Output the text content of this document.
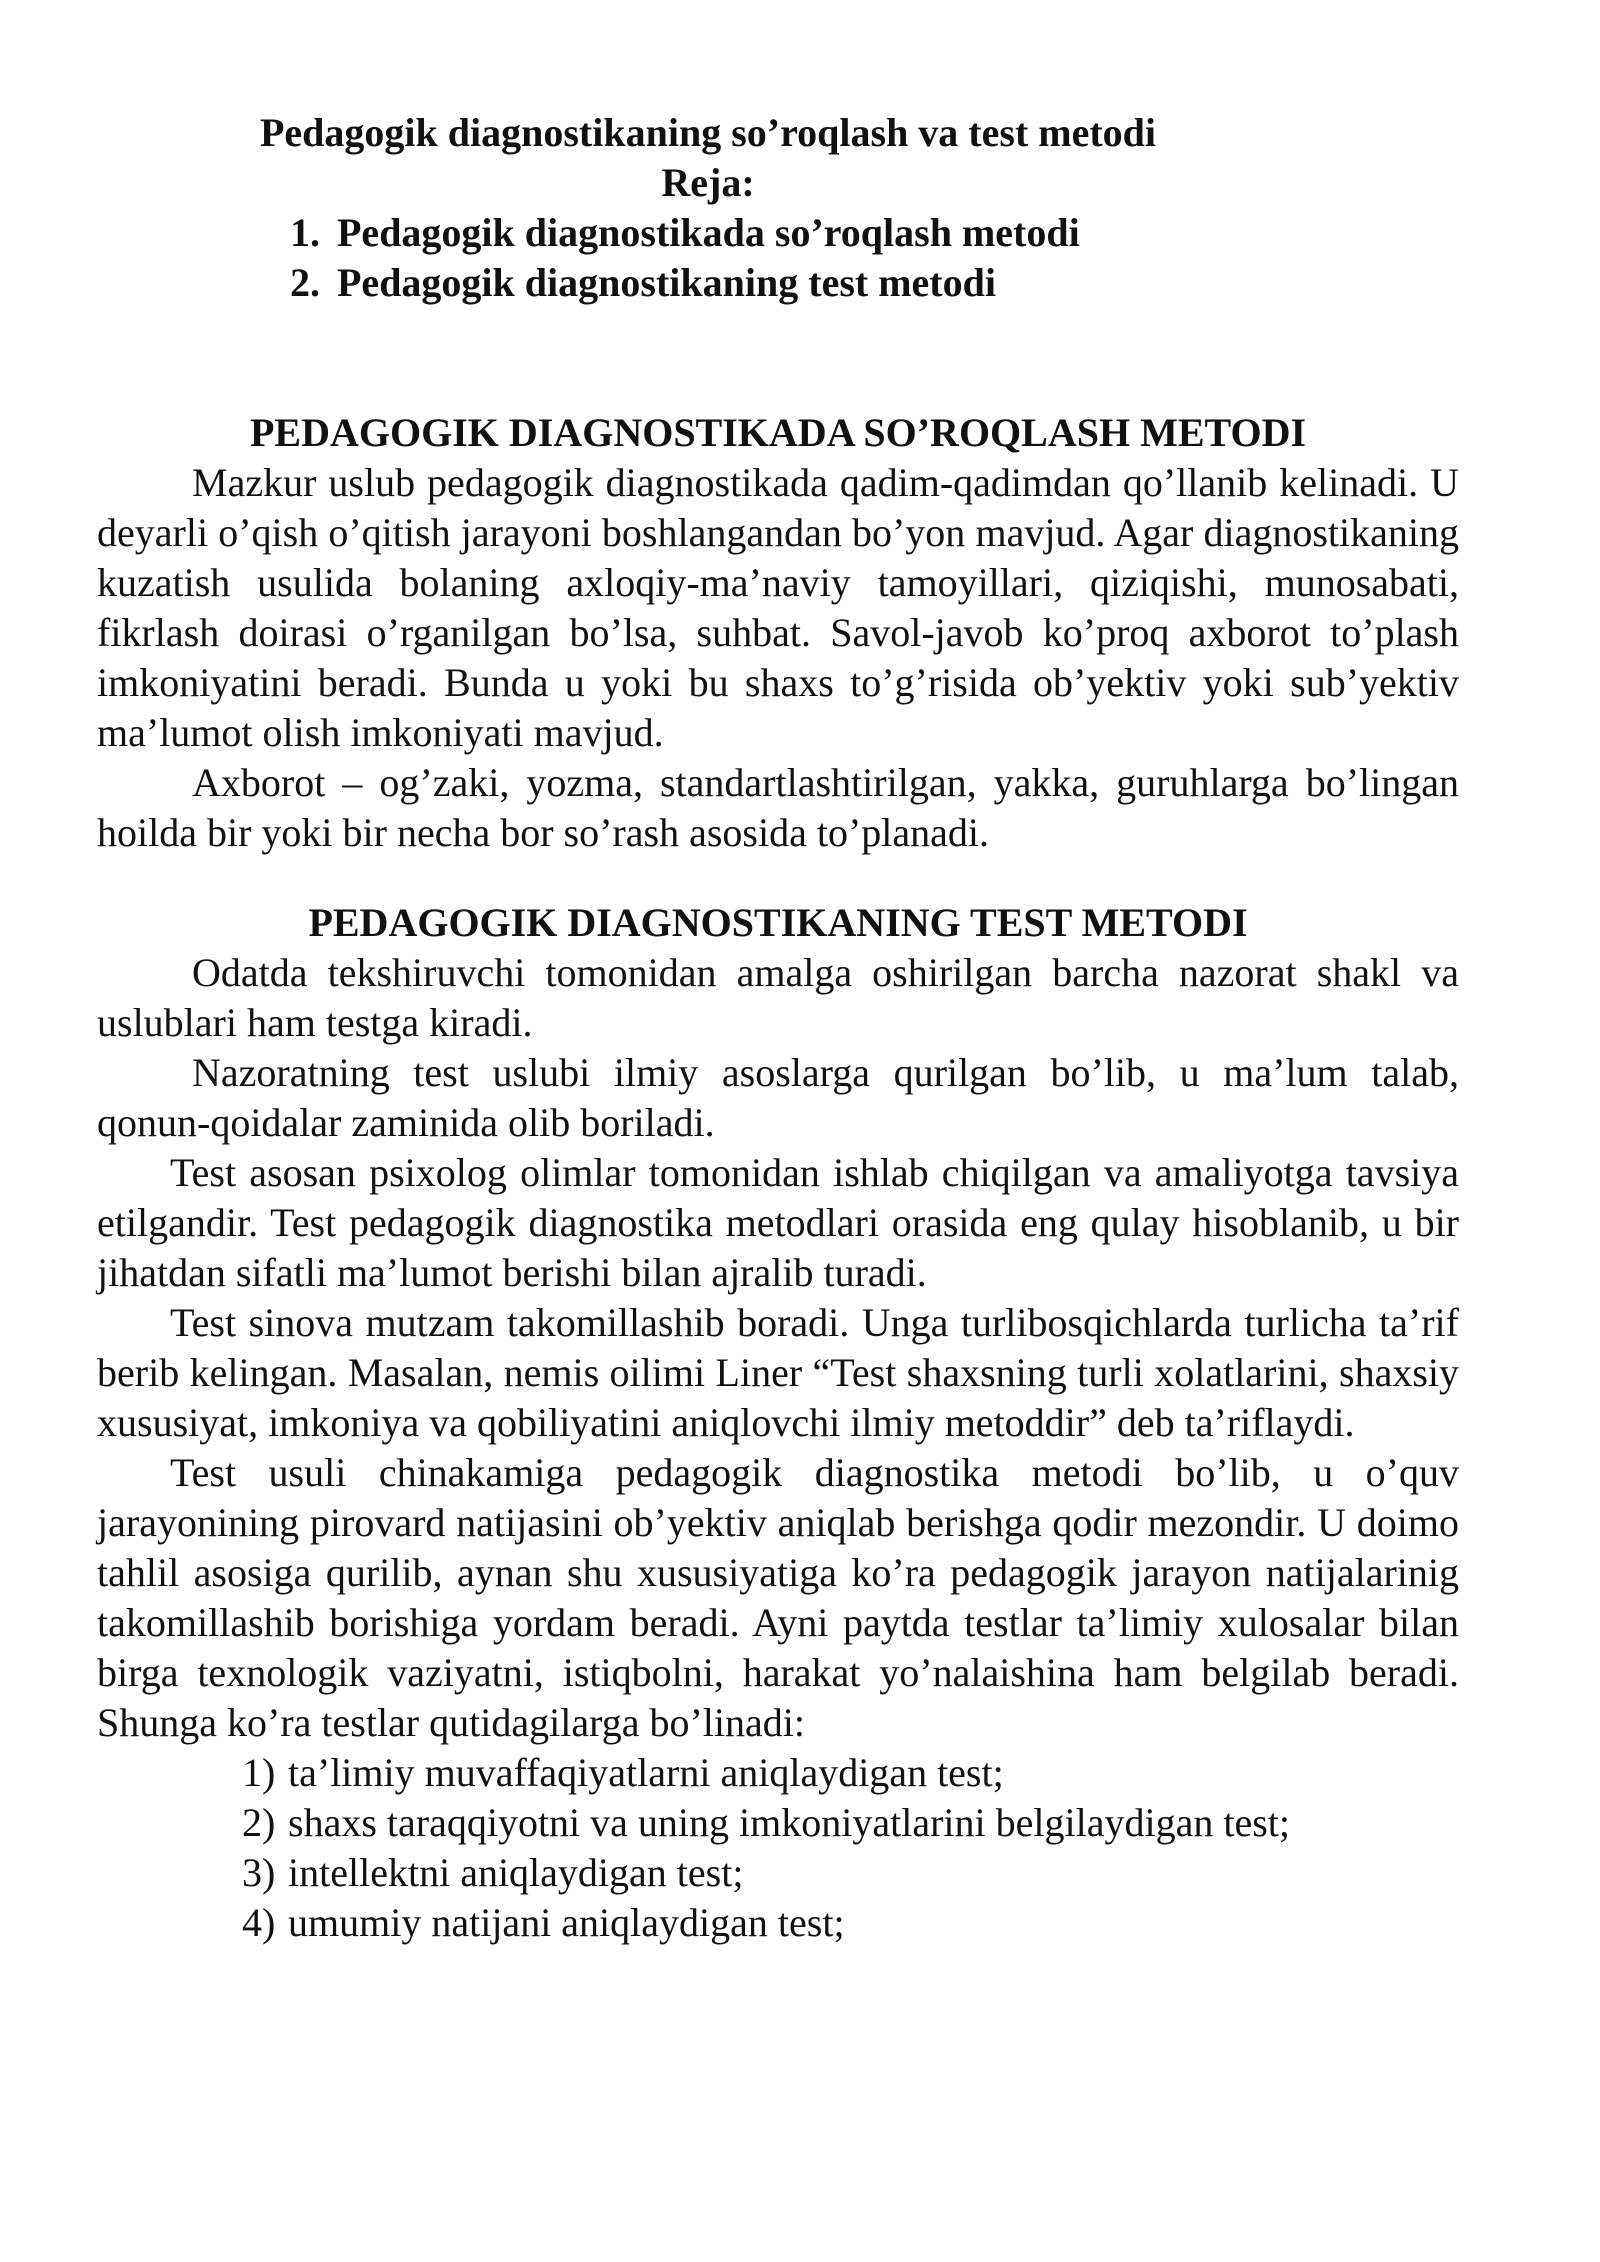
Pedagogik diagnostikaning so’roqlash va test metodi
Reja:
1. Pedagogik diagnostikada so’roqlash metodi
2. Pedagogik diagnostikaning test metodi
PEDAGOGIK DIAGNOSTIKADA SO’ROQLASH METODI

Mazkur uslub pedagogik diagnostikada qadim-qadimdan qo’llanib kelinadi. U deyarli o’qish o’qitish jarayoni boshlangandan bo’yon mavjud. Agar diagnostikaning kuzatish usulida bolaning axloqiy-ma’naviy tamoyillari, qiziqishi, munosabati, fikrlash doirasi o’rganilgan bo’lsa, suhbat. Savol-javob ko’proq axborot to’plash imkoniyatini beradi. Bunda u yoki bu shaxs to’g’risida ob’yektiv yoki sub’yektiv ma’lumot olish imkoniyati mavjud.

Axborot – og’zaki, yozma, standartlashtirilgan, yakka, guruhlarga bo’lingan hoilda bir yoki bir necha bor so’rash asosida to’planadi.

PEDAGOGIK DIAGNOSTIKANING TEST METODI

Odatda tekshiruvchi tomonidan amalga oshirilgan barcha nazorat shakl va uslublari ham testga kiradi.

Nazoratning test uslubi ilmiy asoslarga qurilgan bo’lib, u ma’lum talab, qonun-qoidalar zaminida olib boriladi.

Test asosan psixolog olimlar tomonidan ishlab chiqilgan va amaliyotga tavsiya etilgandir. Test pedagogik diagnostika metodlari orasida eng qulay hisoblanib, u bir jihatdan sifatli ma’lumot berishi bilan ajralib turadi.

Test sinova mutzam takomillashib boradi. Unga turlibosqichlarda turlicha ta’rif berib kelingan. Masalan, nemis oilimi Liner “Test shaxsning turli xolatlarini, shaxsiy xususiyat, imkoniya va qobiliyatini aniqlovchi ilmiy metoddir” deb ta’riflaydi.

Test usuli chinakamiga pedagogik diagnostika metodi bo’lib, u o’quv jarayonining pirovard natijasini ob’yektiv aniqlab berishga qodir mezondir. U doimo tahlil asosiga qurilib, aynan shu xususiyatiga ko’ra pedagogik jarayon natijalarinig takomillashib borishiga yordam beradi. Ayni paytda testlar ta’limiy xulosalar bilan birga texnologik vaziyatni, istiqbolni, harakat yo’nalaishina ham belgilab beradi. Shunga ko’ra testlar qutidagilarga bo’linadi:

1) ta’limiy muvaffaqiyatlarni aniqlaydigan test;
2) shaxs taraqqiyotni va uning imkoniyatlarini belgilaydigan test;
3) intellektni aniqlaydigan test;
4) umumiy natijani aniqlaydigan test;
